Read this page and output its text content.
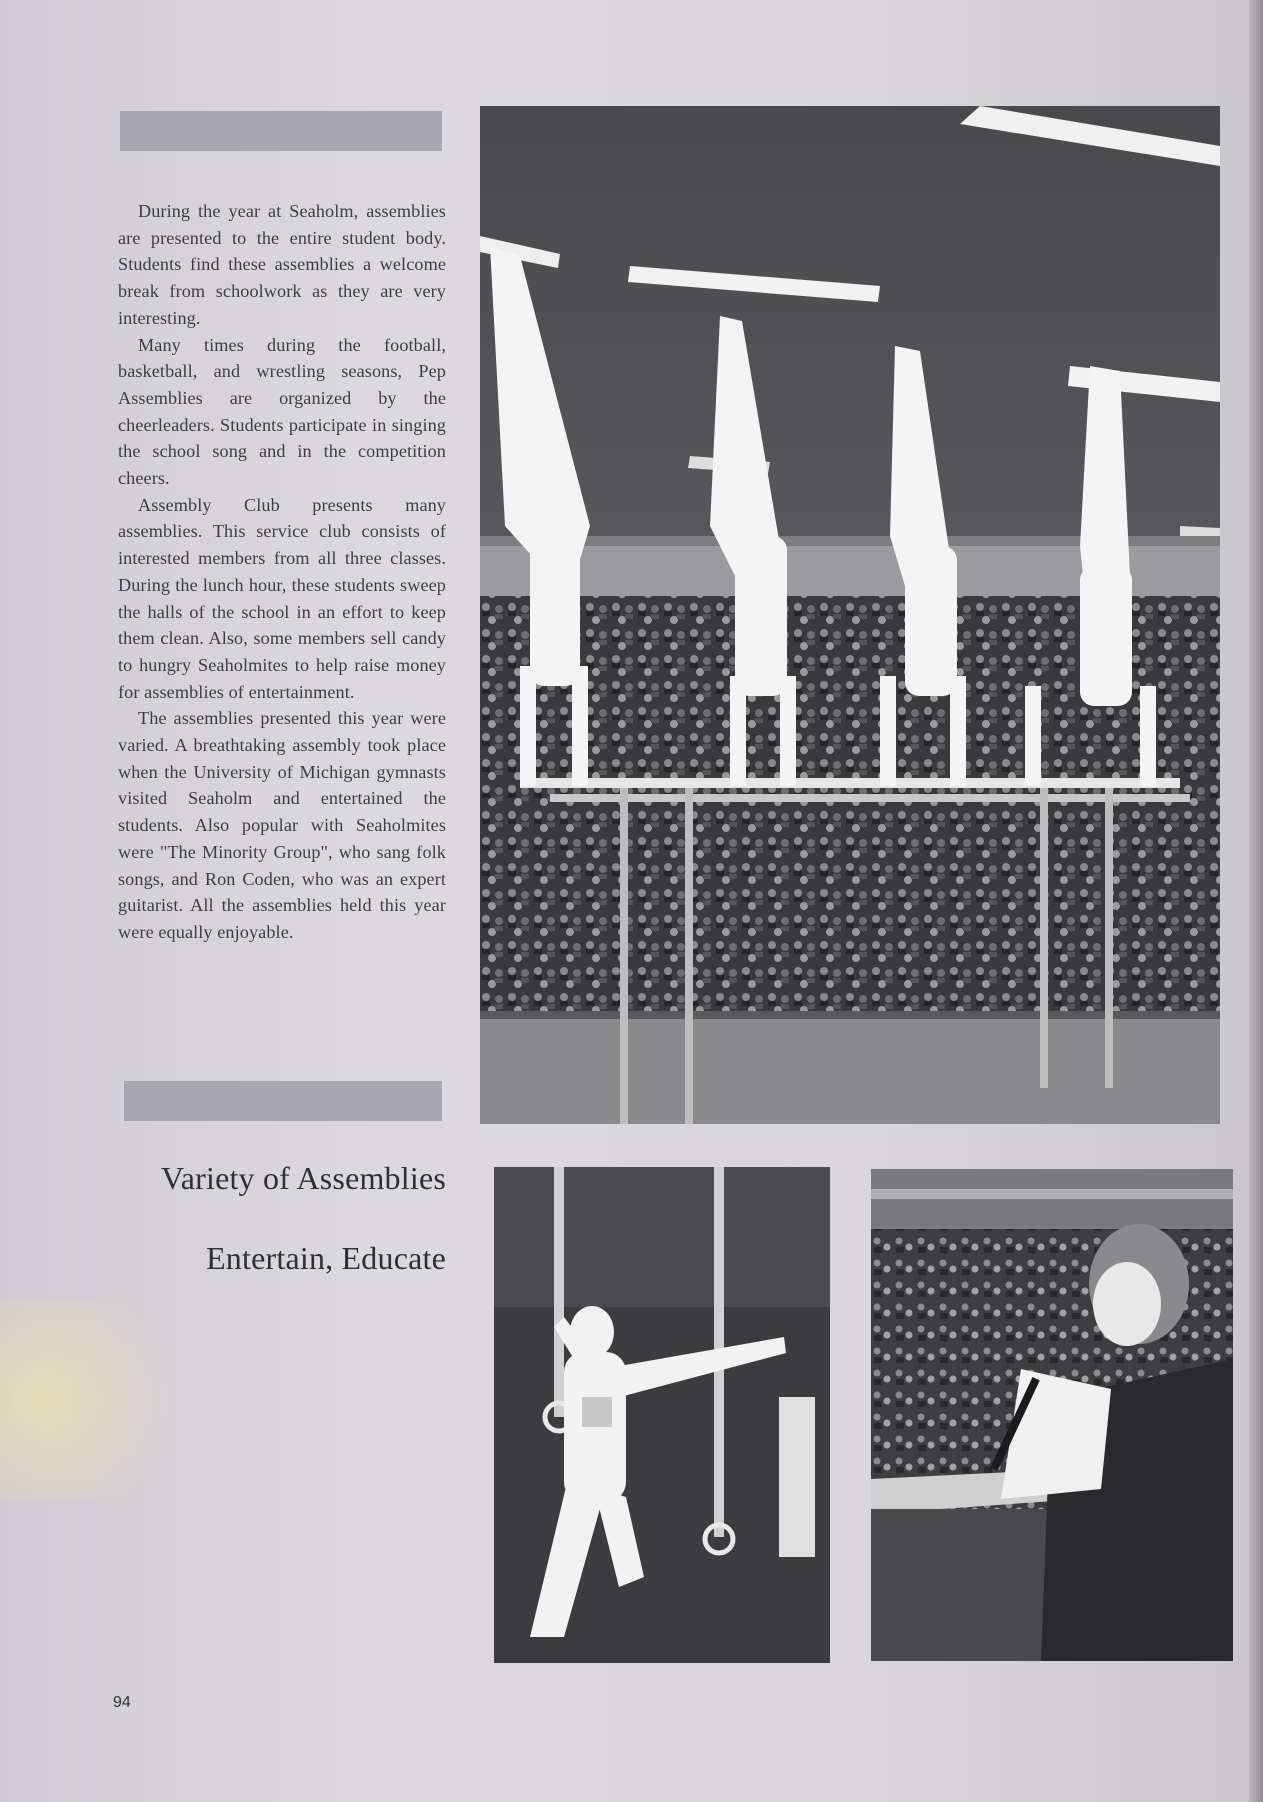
During the year at Seaholm, assemblies are presented to the entire student body. Students find these assemblies a welcome break from schoolwork as they are very interesting.

Many times during the football, basketball, and wrestling seasons, Pep Assemblies are organized by the cheerleaders. Students participate in singing the school song and in the competition cheers.

Assembly Club presents many assemblies. This service club consists of interested members from all three classes. During the lunch hour, these students sweep the halls of the school in an effort to keep them clean. Also, some members sell candy to hungry Seaholmites to help raise money for assemblies of entertainment.

The assemblies presented this year were varied. A breathtaking assembly took place when the University of Michigan gymnasts visited Seaholm and entertained the students. Also popular with Seaholmites were "The Minority Group", who sang folk songs, and Ron Coden, who was an expert guitarist. All the assemblies held this year were equally enjoyable.

Variety of Assemblies
Entertain, Educate
94
